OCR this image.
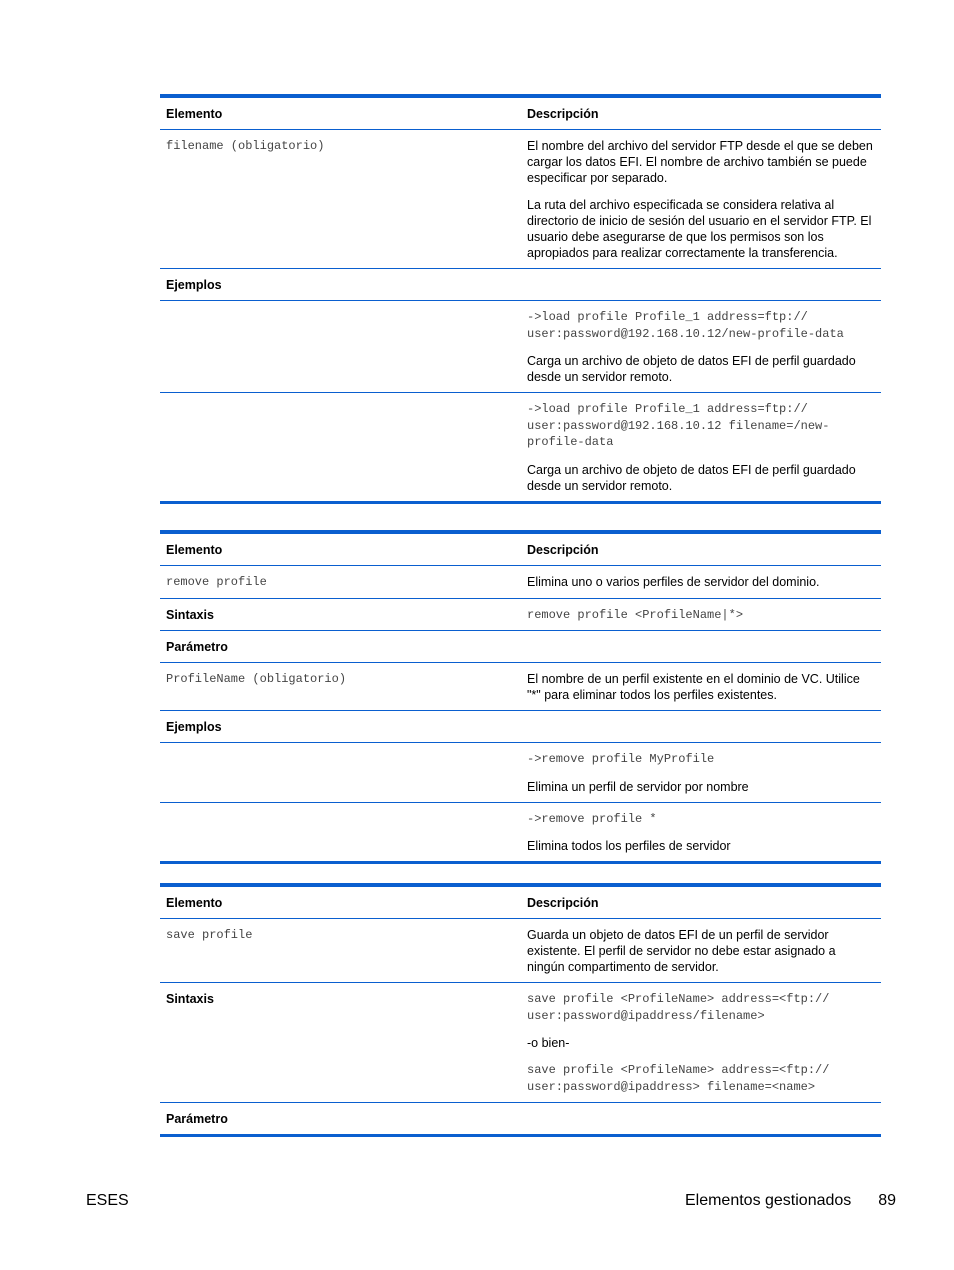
Elemento	Descripción

filename (obligatorio)	El nombre del archivo del servidor FTP desde el que se deben cargar los datos EFI. El nombre de archivo también se puede especificar por separado.

La ruta del archivo especificada se considera relativa al directorio de inicio de sesión del usuario en el servidor FTP. El usuario debe asegurarse de que los permisos son los apropiados para realizar correctamente la transferencia.

Ejemplos

->load profile Profile_1 address=ftp://
user:password@192.168.10.12/new-profile-data

Carga un archivo de objeto de datos EFI de perfil guardado desde un servidor remoto.

->load profile Profile_1 address=ftp://
user:password@192.168.10.12 filename=/new-
profile-data

Carga un archivo de objeto de datos EFI de perfil guardado desde un servidor remoto.

Elemento	Descripción

remove profile	Elimina uno o varios perfiles de servidor del dominio.

Sintaxis	remove profile <ProfileName|*>

Parámetro

ProfileName (obligatorio)	El nombre de un perfil existente en el dominio de VC. Utilice "*" para eliminar todos los perfiles existentes.

Ejemplos

->remove profile MyProfile

Elimina un perfil de servidor por nombre

->remove profile *

Elimina todos los perfiles de servidor

Elemento	Descripción

save profile	Guarda un objeto de datos EFI de un perfil de servidor existente. El perfil de servidor no debe estar asignado a ningún compartimento de servidor.

Sintaxis	save profile <ProfileName> address=<ftp://
user:password@ipaddress/filename>

-o bien-

save profile <ProfileName> address=<ftp://
user:password@ipaddress> filename=<name>

Parámetro
ESES	Elementos gestionados 89
